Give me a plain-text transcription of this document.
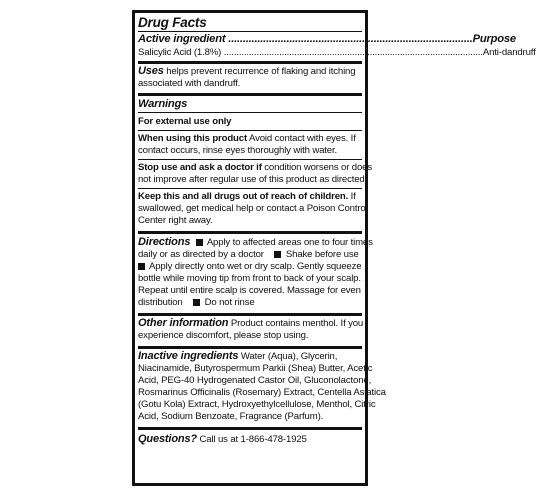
Drug Facts
Active ingredient .................................................................................... Purpose
Salicylic Acid (1.8%) ....................................................................................................... Anti-dandruff
Uses helps prevent recurrence of flaking and itching
associated with dandruff.
Warnings
For external use only
When using this product Avoid contact with eyes. If
contact occurs, rinse eyes thoroughly with water.
Stop use and ask a doctor if condition worsens or does
not improve after regular use of this product as directed.
Keep this and all drugs out of reach of children. If
swallowed, get medical help or contact a Poison Control
Center right away.
Directions Apply to affected areas one to four times
daily or as directed by a doctor Shake before use
Apply directly onto wet or dry scalp. Gently squeeze
bottle while moving tip from front to back of your scalp.
Repeat until entire scalp is covered. Massage for even
distribution Do not rinse
Other information Product contains menthol. If you
experience discomfort, please stop using.
Inactive ingredients Water (Aqua), Glycerin,
Niacinamide, Butyrospermum Parkii (Shea) Butter, Acetic
Acid, PEG-40 Hydrogenated Castor Oil, Gluconolactone,
Rosmarinus Officinalis (Rosemary) Extract, Centella Asiatica
(Gotu Kola) Extract, Hydroxyethylcellulose, Menthol, Citric
Acid, Sodium Benzoate, Fragrance (Parfum).
Questions? Call us at 1-866-478-1925
